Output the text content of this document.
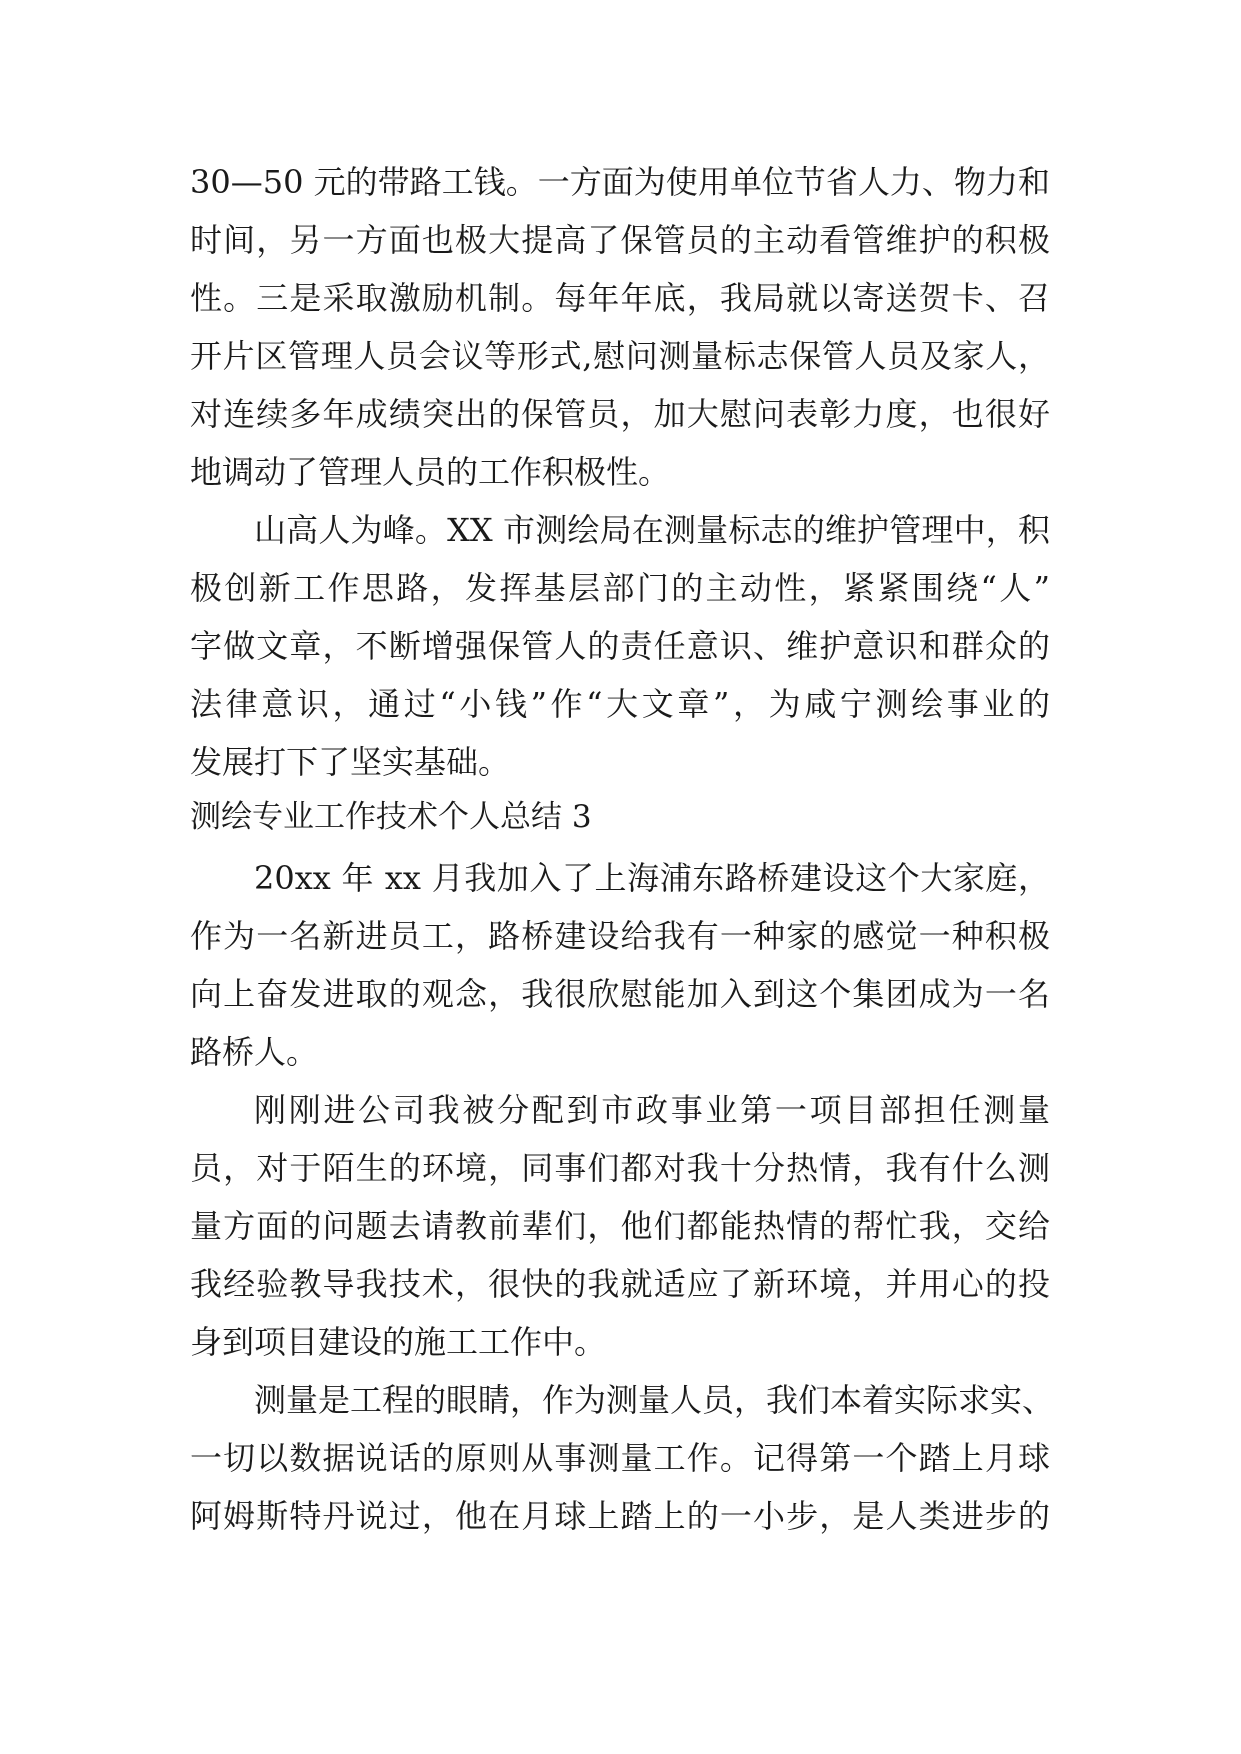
30—50 元的带路工钱。一方面为使用单位节省人力、物力和
时间，另一方面也极大提高了保管员的主动看管维护的积极
性。三是采取激励机制。每年年底，我局就以寄送贺卡、召
开片区管理人员会议等形式,慰问测量标志保管人员及家人，
对连续多年成绩突出的保管员，加大慰问表彰力度，也很好
地调动了管理人员的工作积极性。
山高人为峰。XX 市测绘局在测量标志的维护管理中，积
极创新工作思路，发挥基层部门的主动性，紧紧围绕“人”
字做文章，不断增强保管人的责任意识、维护意识和群众的
法律意识，通过“小钱”作“大文章”，为咸宁测绘事业的
发展打下了坚实基础。
测绘专业工作技术个人总结 3
20xx 年 xx 月我加入了上海浦东路桥建设这个大家庭，
作为一名新进员工，路桥建设给我有一种家的感觉一种积极
向上奋发进取的观念，我很欣慰能加入到这个集团成为一名
路桥人。
刚刚进公司我被分配到市政事业第一项目部担任测量
员，对于陌生的环境，同事们都对我十分热情，我有什么测
量方面的问题去请教前辈们，他们都能热情的帮忙我，交给
我经验教导我技术，很快的我就适应了新环境，并用心的投
身到项目建设的施工工作中。
测量是工程的眼睛，作为测量人员，我们本着实际求实、
一切以数据说话的原则从事测量工作。记得第一个踏上月球
阿姆斯特丹说过，他在月球上踏上的一小步，是人类进步的
